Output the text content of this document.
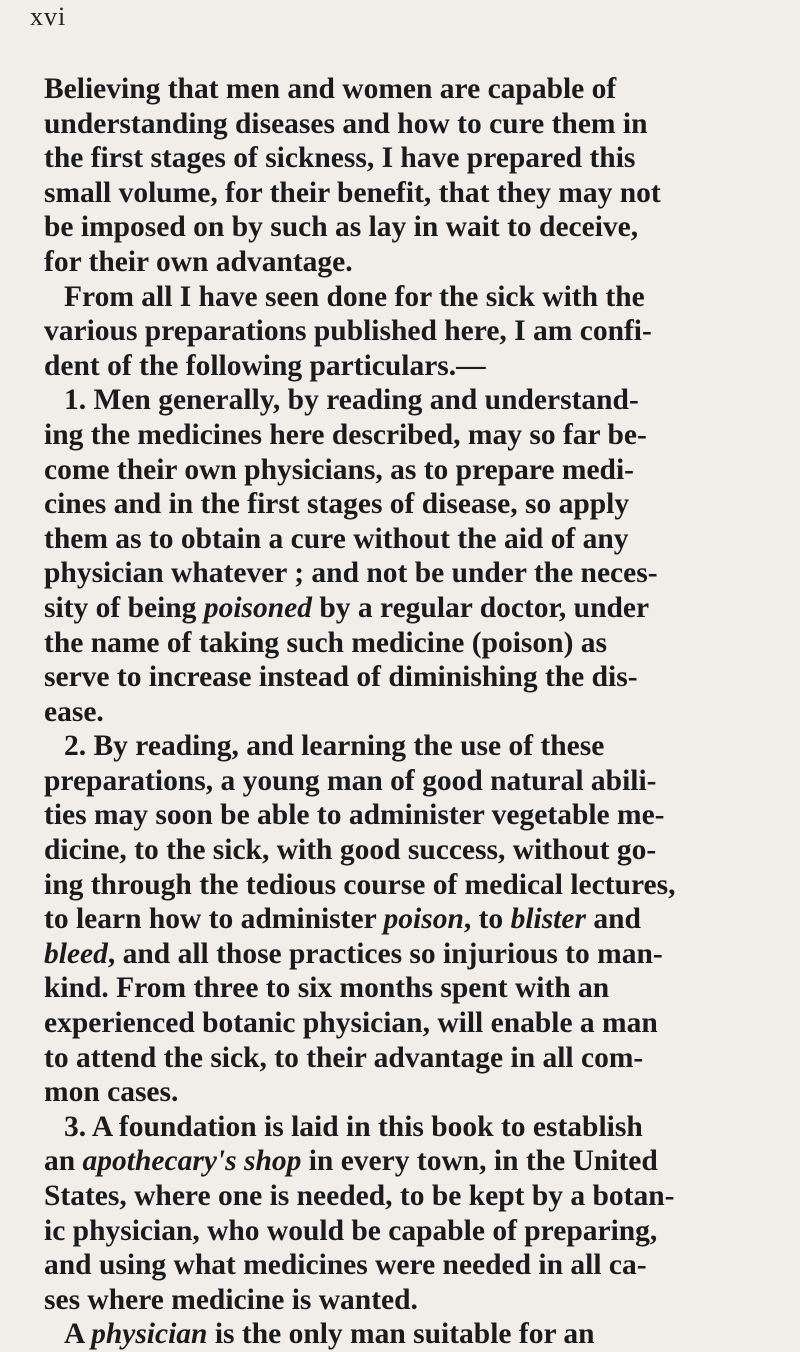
xvi
Believing that men and women are capable of
understanding diseases and how to cure them in
the first stages of sickness, I have prepared this
small volume, for their benefit, that they may not
be imposed on by such as lay in wait to deceive,
for their own advantage.
From all I have seen done for the sick with the
various preparations published here, I am confi-
dent of the following particulars.—
1. Men generally, by reading and understand-
ing the medicines here described, may so far be-
come their own physicians, as to prepare medi-
cines and in the first stages of disease, so apply
them as to obtain a cure without the aid of any
physician whatever ; and not be under the neces-
sity of being poisoned by a regular doctor, under
the name of taking such medicine (poison) as
serve to increase instead of diminishing the dis-
ease.
2. By reading, and learning the use of these
preparations, a young man of good natural abili-
ties may soon be able to administer vegetable me-
dicine, to the sick, with good success, without go-
ing through the tedious course of medical lectures,
to learn how to administer poison, to blister and
bleed, and all those practices so injurious to man-
kind. From three to six months spent with an
experienced botanic physician, will enable a man
to attend the sick, to their advantage in all com-
mon cases.
3. A foundation is laid in this book to establish
an apothecary's shop in every town, in the United
States, where one is needed, to be kept by a botan-
ic physician, who would be capable of preparing,
and using what medicines were needed in all ca-
ses where medicine is wanted.
A physician is the only man suitable for an
